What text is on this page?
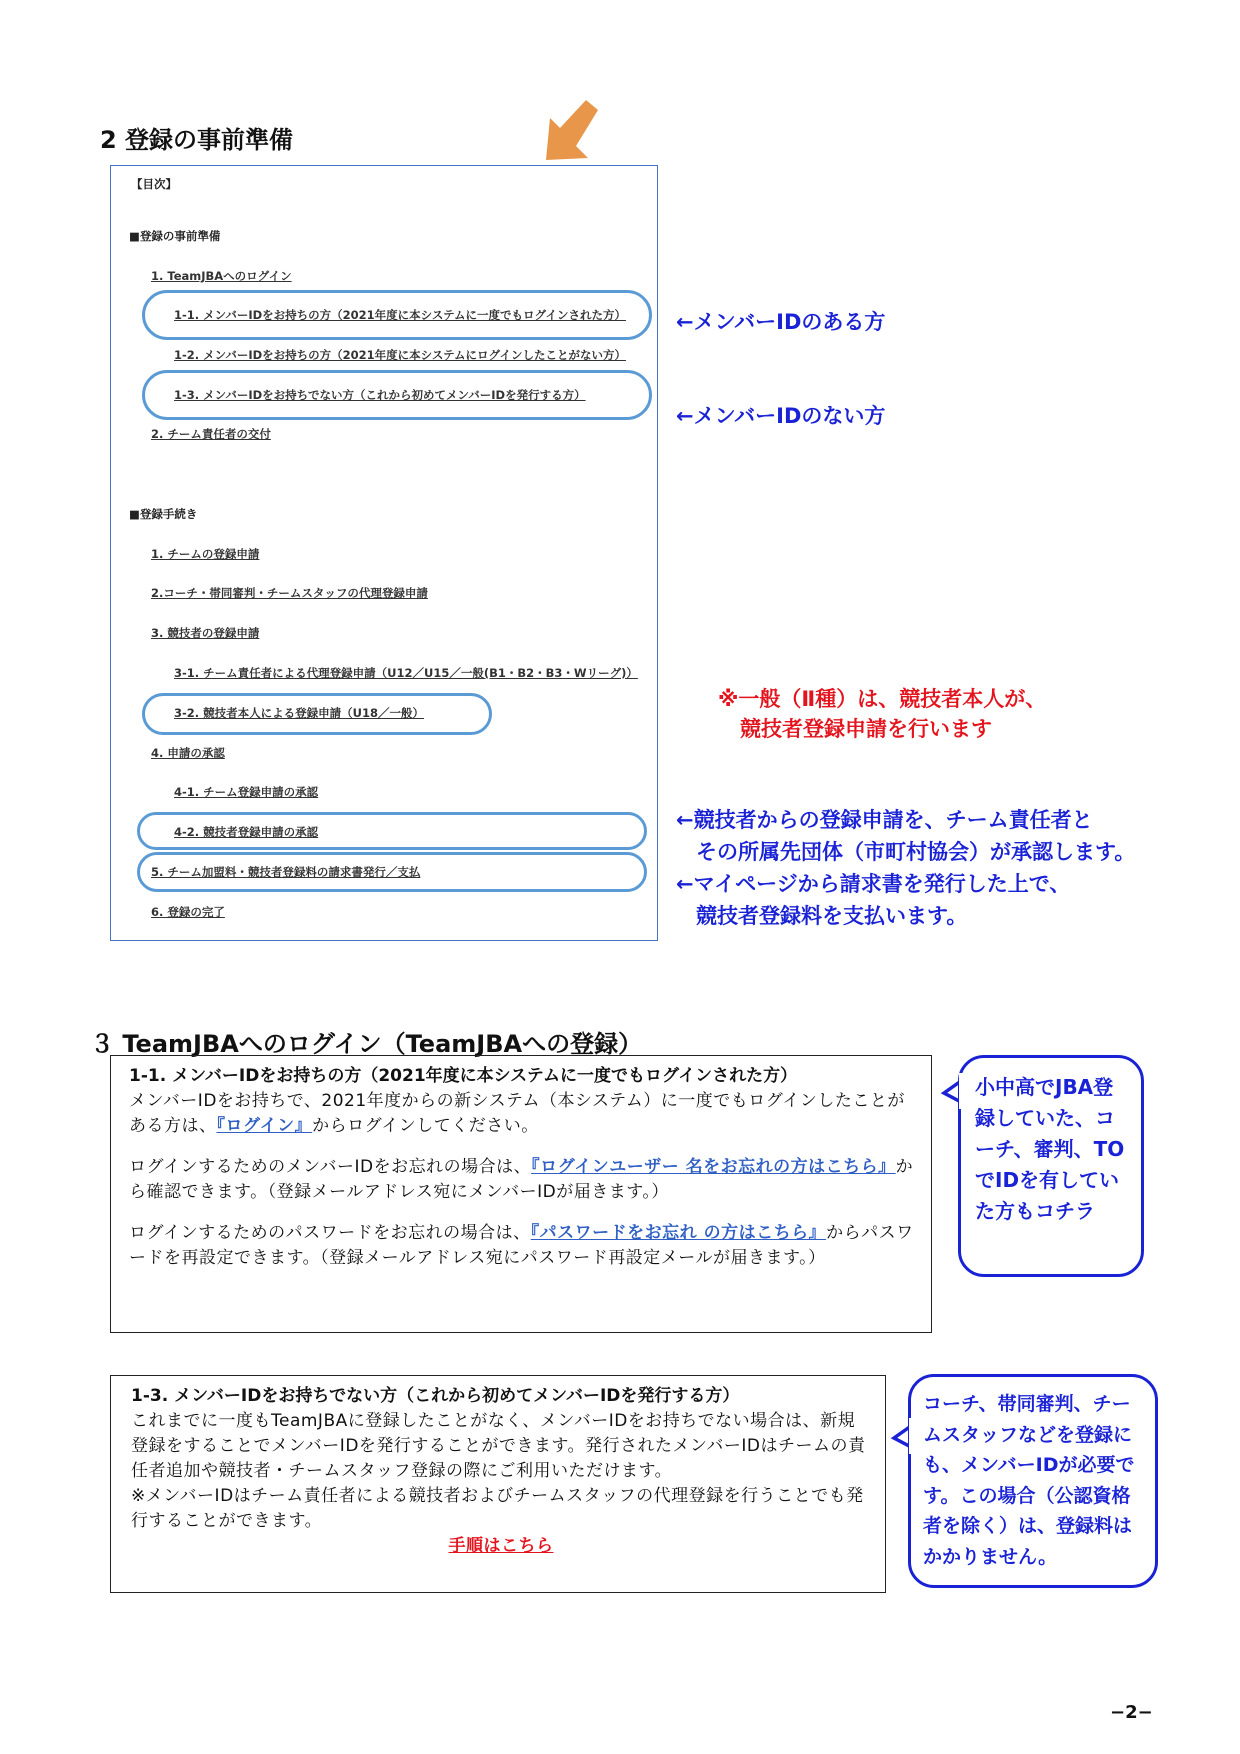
2 登録の事前準備
【目次】
■登録の事前準備
1. TeamJBAへのログイン
1-1. メンバーIDをお持ちの方（2021年度に本システムに一度でもログインされた方）
1-2. メンバーIDをお持ちの方（2021年度に本システムにログインしたことがない方）
1-3. メンバーIDをお持ちでない方（これから初めてメンバーIDを発行する方）
2. チーム責任者の交付
■登録手続き
1. チームの登録申請
2.コーチ・帯同審判・チームスタッフの代理登録申請
3. 競技者の登録申請
3-1. チーム責任者による代理登録申請（U12／U15／一般(B1・B2・B3・Wリーグ)）
3-2. 競技者本人による登録申請（U18／一般）
4. 申請の承認
4-1. チーム登録申請の承認
4-2. 競技者登録申請の承認
5. チーム加盟料・競技者登録料の請求書発行／支払
6. 登録の完了
←メンバーIDのある方
←メンバーIDのない方
※一般（Ⅱ種）は、競技者本人が、
競技者登録申請を行います
←競技者からの登録申請を、チーム責任者と
その所属先団体（市町村協会）が承認します。
←マイページから請求書を発行した上で、
競技者登録料を支払います。
３ TeamJBAへのログイン（TeamJBAへの登録）
1-1. メンバーIDをお持ちの方（2021年度に本システムに一度でもログインされた方）

メンバーIDをお持ちで、2021年度からの新システム（本システム）に一度でもログインしたことがある方は、『ログイン』からログインしてください。

ログインするためのメンバーIDをお忘れの場合は、『ログインユーザー 名をお忘れの方はこちら』から確認できます。（登録メールアドレス宛にメンバーIDが届きます。）

ログインするためのパスワードをお忘れの場合は、『パスワードをお忘れ の方はこちら』からパスワードを再設定できます。（登録メールアドレス宛にパスワード再設定メールが届きます。）

小中高でJBA登録していた、コーチ、審判、TOでIDを有していた方もコチラ
1-3. メンバーIDをお持ちでない方（これから初めてメンバーIDを発行する方）

これまでに一度もTeamJBAに登録したことがなく、メンバーIDをお持ちでない場合は、新規登録をすることでメンバーIDを発行することができます。発行されたメンバーIDはチームの責任者追加や競技者・チームスタッフ登録の際にご利用いただけます。

※メンバーIDはチーム責任者による競技者およびチームスタッフの代理登録を行うことでも発行することができます。

手順はこちら

コーチ、帯同審判、チームスタッフなどを登録にも、メンバーIDが必要です。この場合（公認資格者を除く）は、登録料はかかりません。
−2−
